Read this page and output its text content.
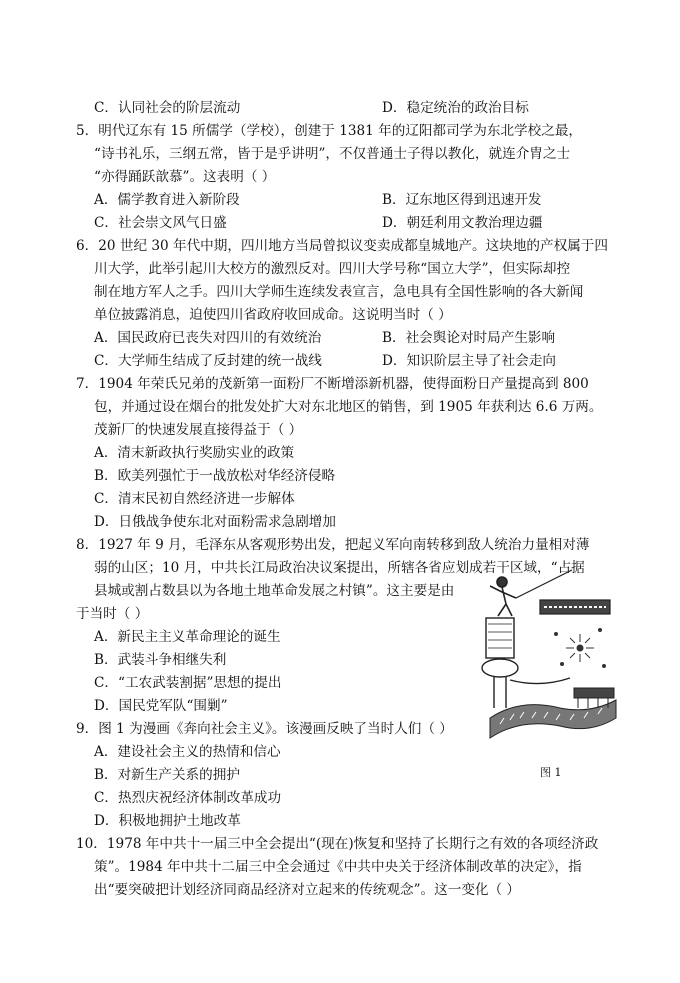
C．认同社会的阶层流动	D．稳定统治的政治目标
5．明代辽东有 15 所儒学（学校），创建于 1381 年的辽阳都司学为东北学校之最，
“诗书礼乐，三纲五常，皆于是乎讲明”，不仅普通士子得以教化，就连介胄之士
“亦得踊跃歆慕”。这表明（ ）
A．儒学教育进入新阶段	B．辽东地区得到迅速开发
C．社会崇文风气日盛	D．朝廷利用文教治理边疆
6．20 世纪 30 年代中期，四川地方当局曾拟议变卖成都皇城地产。这块地的产权属于四
川大学，此举引起川大校方的激烈反对。四川大学号称“国立大学”，但实际却控
制在地方军人之手。四川大学师生连续发表宣言，急电具有全国性影响的各大新闻
单位披露消息，迫使四川省政府收回成命。这说明当时（ ）
A．国民政府已丧失对四川的有效统治	B．社会舆论对时局产生影响
C．大学师生结成了反封建的统一战线	D．知识阶层主导了社会走向
7．1904 年荣氏兄弟的茂新第一面粉厂不断增添新机器，使得面粉日产量提高到 800
包，并通过设在烟台的批发处扩大对东北地区的销售，到 1905 年获利达 6.6 万两。
茂新厂的快速发展直接得益于（ ）
A．清末新政执行奖励实业的政策
B．欧美列强忙于一战放松对华经济侵略
C．清末民初自然经济进一步解体
D．日俄战争使东北对面粉需求急剧增加
8．1927 年 9 月，毛泽东从客观形势出发，把起义军向南转移到敌人统治力量相对薄
弱的山区；10 月，中共长江局政治决议案提出，所辖各省应划成若干区域，“占据
县城或割占数县以为各地土地革命发展之村镇”。这主要是由
于当时（ ）
A．新民主主义革命理论的诞生
B．武装斗争相继失利
C．“工农武装割据”思想的提出
D．国民党军队“围剿”
9．图 1 为漫画《奔向社会主义》。该漫画反映了当时人们（ ）
A．建设社会主义的热情和信心
B．对新生产关系的拥护
C．热烈庆祝经济体制改革成功
D．积极地拥护土地改革
10．1978 年中共十一届三中全会提出“(现在)恢复和坚持了长期行之有效的各项经济政
策”。1984 年中共十二届三中全会通过《中共中央关于经济体制改革的决定》，指
出“要突破把计划经济同商品经济对立起来的传统观念”。这一变化（ ）
图 1
